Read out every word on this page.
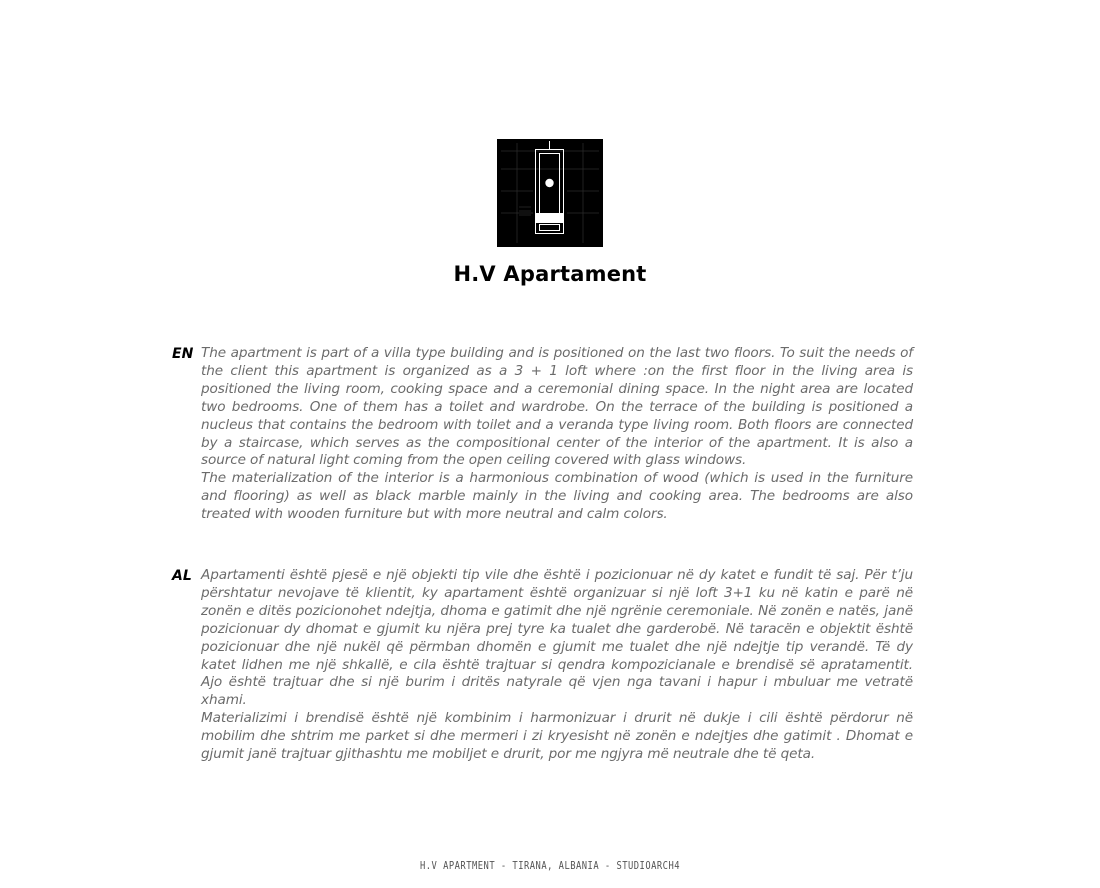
H.V Apartament
EN The apartment is part of a villa type building and is positioned on the last two floors. To suit the needs of the client this apartment is organized as a 3 + 1 loft where :on the first floor in the living area is positioned the living room, cooking space and a ceremonial dining space. In the night area are located two bedrooms. One of them has a toilet and wardrobe. On the terrace of the building is positioned a nucleus that contains the bedroom with toilet and a veranda type living room. Both floors are connected by a staircase, which serves as the compositional center of the interior of the apartment. It is also a source of natural light coming from the open ceiling covered with glass windows.

The materialization of the interior is a harmonious combination of wood (which is used in the furniture and flooring) as well as black marble mainly in the living and cooking area. The bedrooms are also treated with wooden furniture but with more neutral and calm colors.

AL Apartamenti është pjesë e një objekti tip vile dhe është i pozicionuar në dy katet e fundit të saj. Për t’ju përshtatur nevojave të klientit, ky apartament është organizuar si një loft 3+1 ku në katin e parë në zonën e ditës pozicionohet ndejtja, dhoma e gatimit dhe një ngrënie ceremoniale. Në zonën e natës, janë pozicionuar dy dhomat e gjumit ku njëra prej tyre ka tualet dhe garderobë. Në taracën e objektit është pozicionuar dhe një nukël që përmban dhomën e gjumit me tualet dhe një ndejtje tip verandë. Të dy katet lidhen me një shkallë, e cila është trajtuar si qendra kompozicianale e brendisë së apratamentit. Ajo është trajtuar dhe si një burim i dritës natyrale që vjen nga tavani i hapur i mbuluar me vetratë xhami.

Materializimi i brendisë është një kombinim i harmonizuar i drurit në dukje i cili është përdorur në mobilim dhe shtrim me parket si dhe mermeri i zi kryesisht në zonën e ndejtjes dhe gatimit . Dhomat e gjumit janë trajtuar gjithashtu me mobiljet e drurit, por me ngjyra më neutrale dhe të qeta.

H.V APARTMENT - TIRANA, ALBANIA - STUDIOARCH4
